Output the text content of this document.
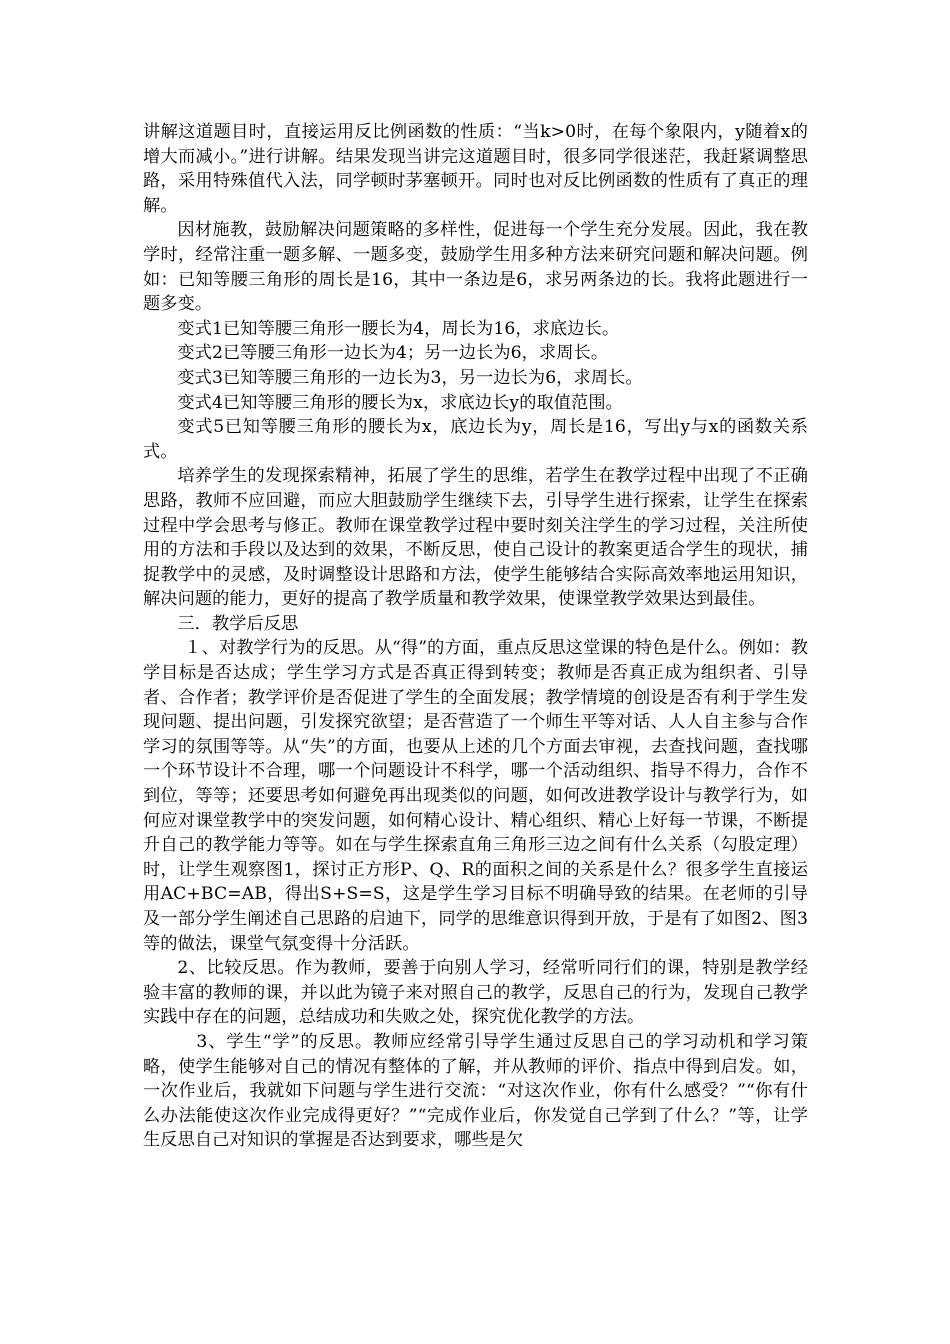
讲解这道题目时，直接运用反比例函数的性质：“当k>0时，在每个象限内，y随着x的增大而减小。”进行讲解。结果发现当讲完这道题目时，很多同学很迷茫，我赶紧调整思路，采用特殊值代入法，同学顿时茅塞顿开。同时也对反比例函数的性质有了真正的理解。

因材施教，鼓励解决问题策略的多样性，促进每一个学生充分发展。因此，我在教学时，经常注重一题多解、一题多变，鼓励学生用多种方法来研究问题和解决问题。例如：已知等腰三角形的周长是16，其中一条边是6，求另两条边的长。我将此题进行一题多变。

变式1已知等腰三角形一腰长为4，周长为16，求底边长。

变式2已等腰三角形一边长为4；另一边长为6，求周长。

变式3已知等腰三角形的一边长为3，另一边长为6，求周长。

变式4已知等腰三角形的腰长为x，求底边长y的取值范围。

变式5已知等腰三角形的腰长为x，底边长为y，周长是16，写出y与x的函数关系式。

培养学生的发现探索精神，拓展了学生的思维，若学生在教学过程中出现了不正确思路，教师不应回避，而应大胆鼓励学生继续下去，引导学生进行探索，让学生在探索过程中学会思考与修正。教师在课堂教学过程中要时刻关注学生的学习过程，关注所使用的方法和手段以及达到的效果，不断反思，使自己设计的教案更适合学生的现状，捕捉教学中的灵感，及时调整设计思路和方法，使学生能够结合实际高效率地运用知识，解决问题的能力，更好的提高了教学质量和教学效果，使课堂教学效果达到最佳。

三．教学后反思

１、对教学行为的反思。从“得”的方面，重点反思这堂课的特色是什么。例如：教学目标是否达成；学生学习方式是否真正得到转变；教师是否真正成为组织者、引导者、合作者；教学评价是否促进了学生的全面发展；教学情境的创设是否有利于学生发现问题、提出问题，引发探究欲望；是否营造了一个师生平等对话、人人自主参与合作学习的氛围等等。从“失”的方面，也要从上述的几个方面去审视，去查找问题，查找哪一个环节设计不合理，哪一个问题设计不科学，哪一个活动组织、指导不得力，合作不到位，等等；还要思考如何避免再出现类似的问题，如何改进教学设计与教学行为，如何应对课堂教学中的突发问题，如何精心设计、精心组织、精心上好每一节课，不断提升自己的教学能力等等。如在与学生探索直角三角形三边之间有什么关系（勾股定理）时，让学生观察图1，探讨正方形P、Q、R的面积之间的关系是什么？很多学生直接运用AC+BC=AB，得出S+S=S，这是学生学习目标不明确导致的结果。在老师的引导及一部分学生阐述自己思路的启迪下，同学的思维意识得到开放，于是有了如图2、图3等的做法，课堂气氛变得十分活跃。

2、比较反思。作为教师，要善于向别人学习，经常听同行们的课，特别是教学经验丰富的教师的课，并以此为镜子来对照自己的教学，反思自己的行为，发现自己教学实践中存在的问题，总结成功和失败之处，探究优化教学的方法。

3、学生“学”的反思。教师应经常引导学生通过反思自己的学习动机和学习策略，使学生能够对自己的情况有整体的了解，并从教师的评价、指点中得到启发。如，一次作业后，我就如下问题与学生进行交流：“对这次作业，你有什么感受？”“你有什么办法能使这次作业完成得更好？”“完成作业后，你发觉自己学到了什么？”等，让学生反思自己对知识的掌握是否达到要求，哪些是欠
